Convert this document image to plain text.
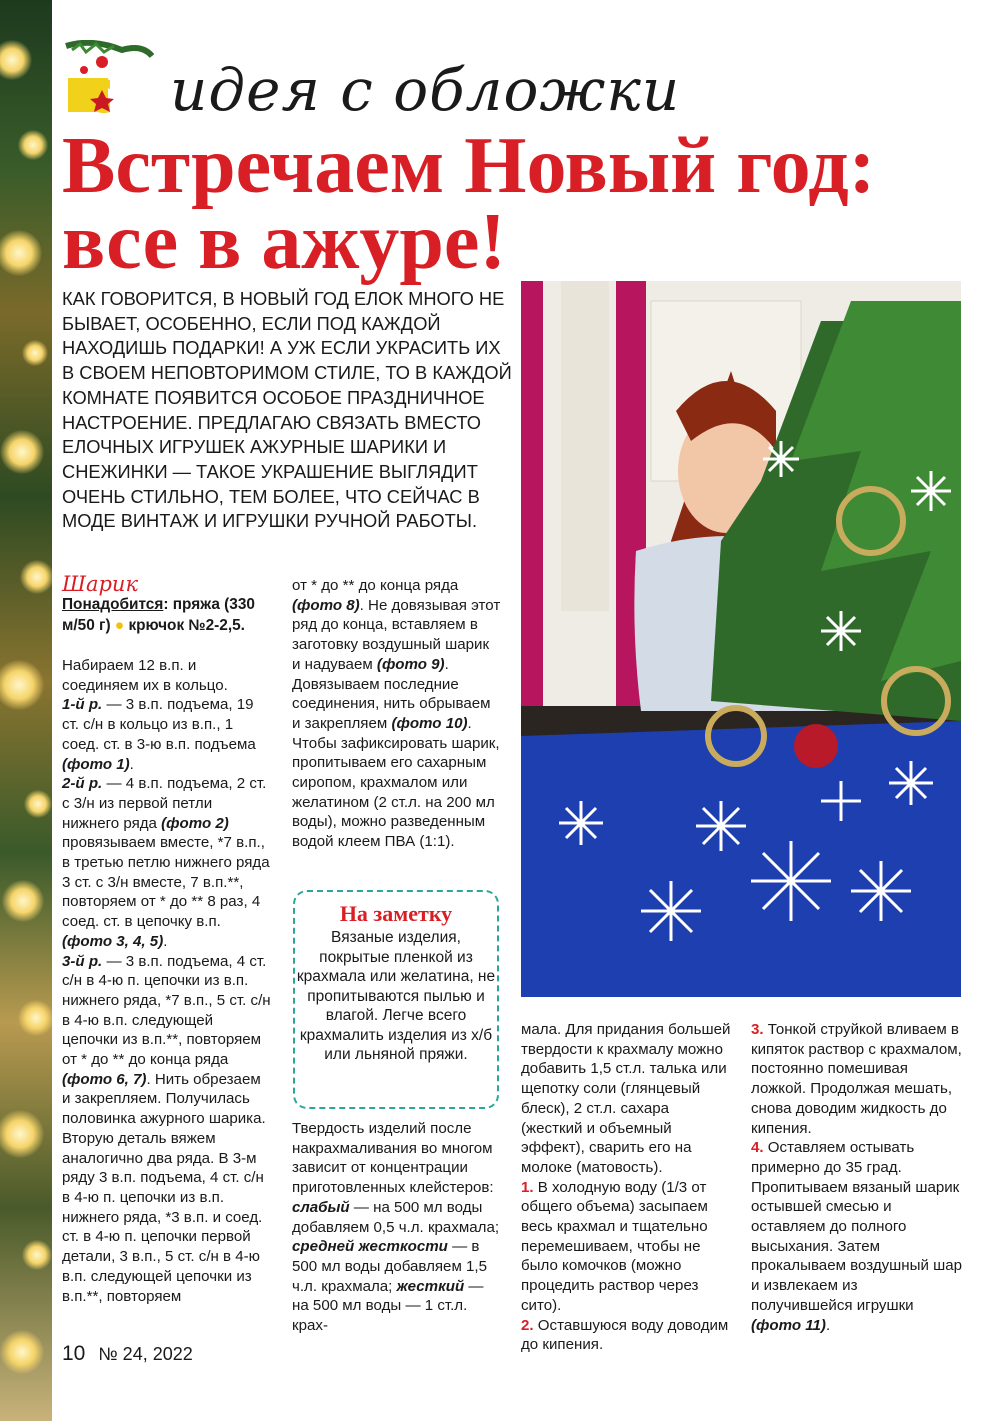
идея с обложки
Встречаем Новый год:
все в ажуре!

КАК ГОВОРИТСЯ, В НОВЫЙ ГОД ЕЛОК МНОГО НЕ БЫВАЕТ, ОСОБЕННО, ЕСЛИ ПОД КАЖДОЙ НАХОДИШЬ ПОДАРКИ! А УЖ ЕСЛИ УКРАСИТЬ ИХ В СВОЕМ НЕПОВТОРИМОМ СТИЛЕ, ТО В КАЖДОЙ КОМНАТЕ ПОЯВИТСЯ ОСОБОЕ ПРАЗДНИЧНОЕ НАСТРОЕНИЕ. ПРЕДЛАГАЮ СВЯЗАТЬ ВМЕСТО ЕЛОЧНЫХ ИГРУШЕК АЖУРНЫЕ ШАРИКИ И СНЕЖИНКИ — ТАКОЕ УКРАШЕНИЕ ВЫГЛЯДИТ ОЧЕНЬ СТИЛЬНО, ТЕМ БОЛЕЕ, ЧТО СЕЙЧАС В МОДЕ ВИНТАЖ И ИГРУШКИ РУЧНОЙ РАБОТЫ.

Шарик

Понадобится: пряжа (330 м/50 г) ● крючок №2-2,5.

Набираем 12 в.п. и соединяем их в кольцо.

1-й р. — 3 в.п. подъема, 19 ст. с/н в кольцо из в.п., 1 соед. ст. в 3-ю в.п. подъема (фото 1).

2-й р. — 4 в.п. подъема, 2 ст. с 3/н из первой петли нижнего ряда (фото 2) провязываем вместе, *7 в.п., в третью петлю нижнего ряда 3 ст. с 3/н вместе, 7 в.п.**, повторяем от * до ** 8 раз, 4 соед. ст. в цепочку в.п. (фото 3, 4, 5).

3-й р. — 3 в.п. подъема, 4 ст. с/н в 4-ю п. цепочки из в.п. нижнего ряда, *7 в.п., 5 ст. с/н в 4-ю в.п. следующей цепочки из в.п.**, повторяем от * до ** до конца ряда (фото 6, 7). Нить обрезаем и закрепляем. Получилась половинка ажурного шарика.

Вторую деталь вяжем аналогично два ряда. В 3-м ряду 3 в.п. подъема, 4 ст. с/н в 4-ю п. цепочки из в.п. нижнего ряда, *3 в.п. и соед. ст. в 4-ю п. цепочки первой детали, 3 в.п., 5 ст. с/н в 4-ю в.п. следующей цепочки из в.п.**, повторяем

от * до ** до конца ряда (фото 8). Не довязывая этот ряд до конца, вставляем в заготовку воздушный шарик и надуваем (фото 9). Довязываем последние соединения, нить обрываем и закрепляем (фото 10). Чтобы зафиксировать шарик, пропитываем его сахарным сиропом, крахмалом или желатином (2 ст.л. на 200 мл воды), можно разведенным водой клеем ПВА (1:1).

На заметку
Вязаные изделия, покрытые пленкой из крахмала или желатина, не пропитываются пылью и влагой. Легче всего крахмалить изделия из х/б или льняной пряжи.

Твердость изделий после накрахмаливания во многом зависит от концентрации приготовленных клейстеров: слабый — на 500 мл воды добавляем 0,5 ч.л. крахмала; средней жесткости — в 500 мл воды добавляем 1,5 ч.л. крахмала; жесткий — на 500 мл воды — 1 ст.л. крах-

мала. Для придания большей твердости к крахмалу можно добавить 1,5 ст.л. талька или щепотку соли (глянцевый блеск), 2 ст.л. сахара (жесткий и объемный эффект), сварить его на молоке (матовость).

1. В холодную воду (1/3 от общего объема) засыпаем весь крахмал и тщательно перемешиваем, чтобы не было комочков (можно процедить раствор через сито).

2. Оставшуюся воду доводим до кипения.

3. Тонкой струйкой вливаем в кипяток раствор с крахмалом, постоянно помешивая ложкой. Продолжая мешать, снова доводим жидкость до кипения.

4. Оставляем остывать примерно до 35 град.

Пропитываем вязаный шарик остывшей смесью и оставляем до полного высыхания. Затем прокалываем воздушный шар и извлекаем из получившейся игрушки (фото 11).

10 № 24, 2022
